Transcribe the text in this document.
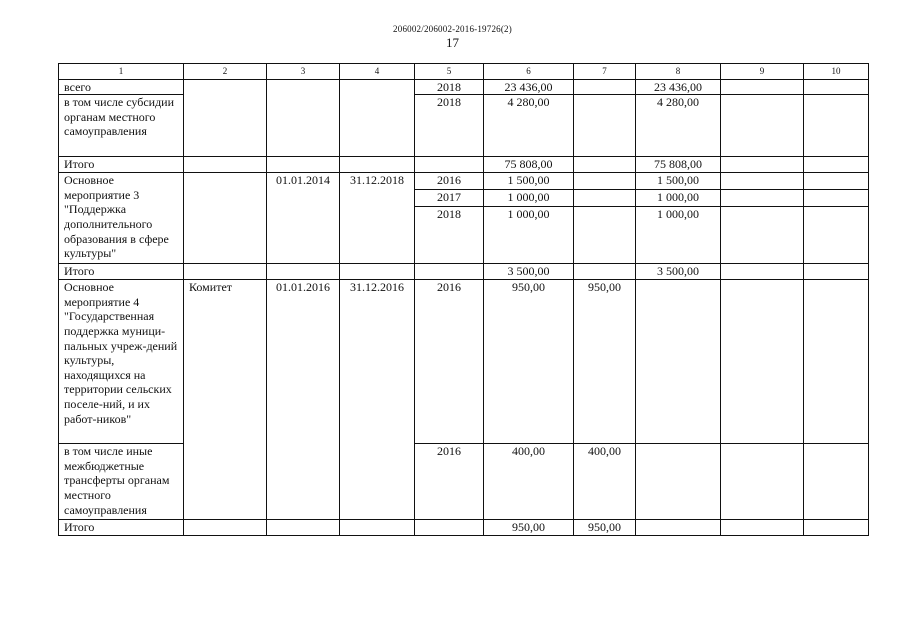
206002/206002-2016-19726(2)
17
1	2	3	4	5	6	7	8	9	10
всего				2018	23 436,00		23 436,00		
в том числе субсидии органам местного самоуправления				2018	4 280,00		4 280,00		
Итого					75 808,00		75 808,00		
Основное мероприятие 3 "Поддержка дополнительного образования в сфере культуры"		01.01.2014	31.12.2018	2016	1 500,00		1 500,00		
				2017	1 000,00		1 000,00		
				2018	1 000,00		1 000,00		
Итого					3 500,00		3 500,00		
Основное мероприятие 4 "Государственная поддержка муници-пальных учреж-дений культуры, находящихся на территории сельских поселе-ний, и их работ-ников"	Комитет	01.01.2016	31.12.2016	2016	950,00	950,00			
в том числе иные межбюджетные трансферты органам местного самоуправления				2016	400,00	400,00			
Итого					950,00	950,00			
